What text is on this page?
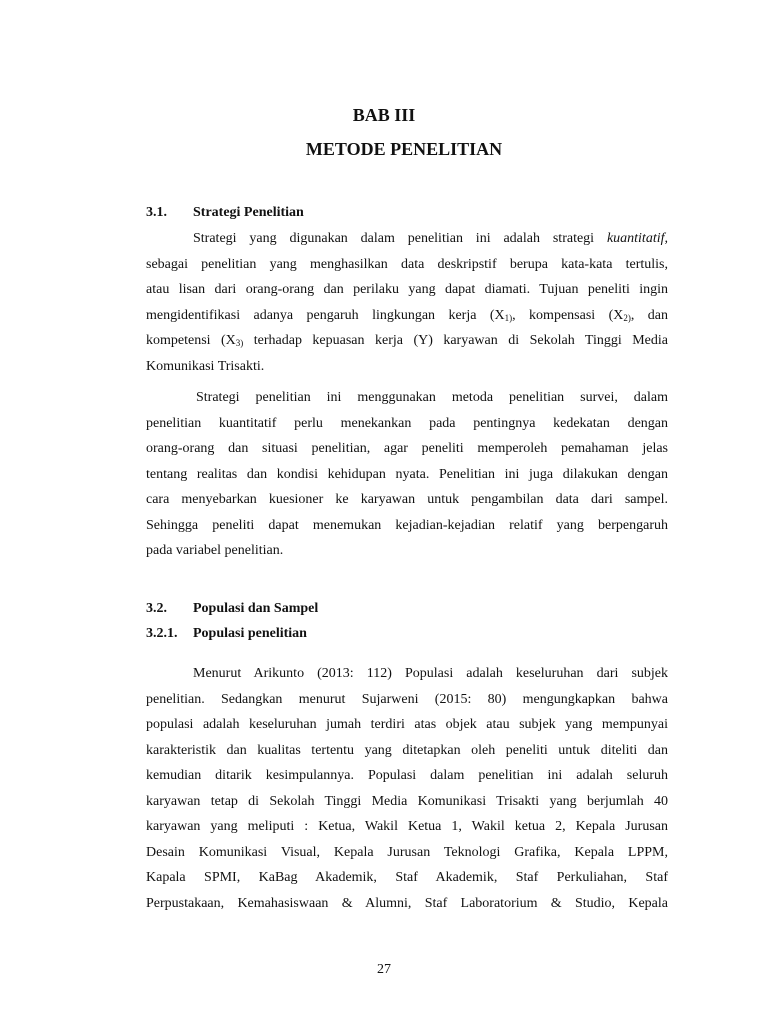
BAB III
METODE PENELITIAN
3.1. Strategi Penelitian
Strategi yang digunakan dalam penelitian ini adalah strategi kuantitatif,
sebagai penelitian yang menghasilkan data deskripstif berupa kata-kata tertulis,
atau lisan dari orang-orang dan perilaku yang dapat diamati. Tujuan peneliti ingin
mengidentifikasi adanya pengaruh lingkungan kerja ($X_{1)}$, kompensasi ($X_{2)}$, dan
kompetensi ($X_{3)}$ terhadap kepuasan kerja (Y) karyawan di Sekolah Tinggi Media
Komunikasi Trisakti.
Strategi penelitian ini menggunakan metoda penelitian survei, dalam
penelitian kuantitatif perlu menekankan pada pentingnya kedekatan dengan
orang-orang dan situasi penelitian, agar peneliti memperoleh pemahaman jelas
tentang realitas dan kondisi kehidupan nyata. Penelitian ini juga dilakukan dengan
cara menyebarkan kuesioner ke karyawan untuk pengambilan data dari sampel.
Sehingga peneliti dapat menemukan kejadian-kejadian relatif yang berpengaruh
pada variabel penelitian.
3.2. Populasi dan Sampel
3.2.1. Populasi penelitian
Menurut Arikunto (2013: 112) Populasi adalah keseluruhan dari subjek
penelitian. Sedangkan menurut Sujarweni (2015: 80) mengungkapkan bahwa
populasi adalah keseluruhan jumah terdiri atas objek atau subjek yang mempunyai
karakteristik dan kualitas tertentu yang ditetapkan oleh peneliti untuk diteliti dan
kemudian ditarik kesimpulannya. Populasi dalam penelitian ini adalah seluruh
karyawan tetap di Sekolah Tinggi Media Komunikasi Trisakti yang berjumlah 40
karyawan yang meliputi : Ketua, Wakil Ketua 1, Wakil ketua 2, Kepala Jurusan
Desain Komunikasi Visual, Kepala Jurusan Teknologi Grafika, Kepala LPPM,
Kapala SPMI, KaBag Akademik, Staf Akademik, Staf Perkuliahan, Staf
Perpustakaan, Kemahasiswaan & Alumni, Staf Laboratorium & Studio, Kepala
27
